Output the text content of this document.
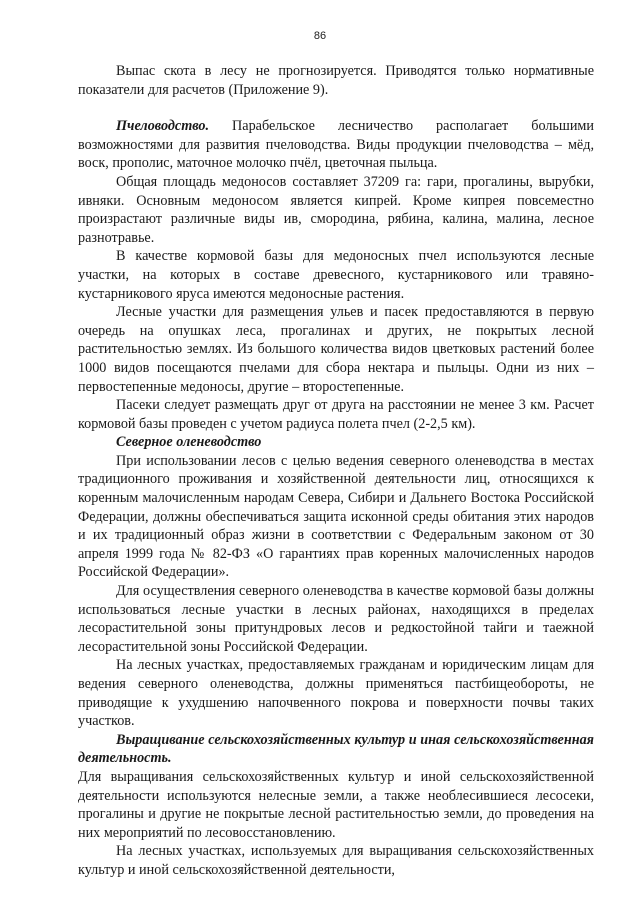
86

Выпас скота в лесу не прогнозируется. Приводятся только нормативные показатели для расчетов (Приложение 9).

Пчеловодство. Парабельское лесничество располагает большими возможностями для развития пчеловодства. Виды продукции пчеловодства – мёд, воск, прополис, маточное молочко пчёл, цветочная пыльца.

Общая площадь медоносов составляет 37209 га: гари, прогалины, вырубки, ивняки. Основным медоносом является кипрей. Кроме кипрея повсеместно произрастают различные виды ив, смородина, рябина, калина, малина, лесное разнотравье.

В качестве кормовой базы для медоносных пчел используются лесные участки, на которых в составе древесного, кустарникового или травяно-кустарникового яруса имеются медоносные растения.

Лесные участки для размещения ульев и пасек предоставляются в первую очередь на опушках леса, прогалинах и других, не покрытых лесной растительностью землях. Из большого количества видов цветковых растений более 1000 видов посещаются пчелами для сбора нектара и пыльцы. Одни из них – первостепенные медоносы, другие – второстепенные.

Пасеки следует размещать друг от друга на расстоянии не менее 3 км. Расчет кормовой базы проведен с учетом радиуса полета пчел (2-2,5 км).

Северное оленеводство

При использовании лесов с целью ведения северного оленеводства в местах традиционного проживания и хозяйственной деятельности лиц, относящихся к коренным малочисленным народам Севера, Сибири и Дальнего Востока Российской Федерации, должны обеспечиваться защита исконной среды обитания этих народов и их традиционный образ жизни в соответствии с Федеральным законом от 30 апреля 1999 года № 82-ФЗ «О гарантиях прав коренных малочисленных народов Российской Федерации».

Для осуществления северного оленеводства в качестве кормовой базы должны использоваться лесные участки в лесных районах, находящихся в пределах лесорастительной зоны притундровых лесов и редкостойной тайги и таежной лесорастительной зоны Российской Федерации.

На лесных участках, предоставляемых гражданам и юридическим лицам для ведения северного оленеводства, должны применяться пастбищеобороты, не приводящие к ухудшению напочвенного покрова и поверхности почвы таких участков.

Выращивание сельскохозяйственных культур и иная сельскохозяйственная деятельность.

Для выращивания сельскохозяйственных культур и иной сельскохозяйственной деятельности используются нелесные земли, а также необлесившиеся лесосеки, прогалины и другие не покрытые лесной растительностью земли, до проведения на них мероприятий по лесовосстановлению.

На лесных участках, используемых для выращивания сельскохозяйственных культур и иной сельскохозяйственной деятельности,
